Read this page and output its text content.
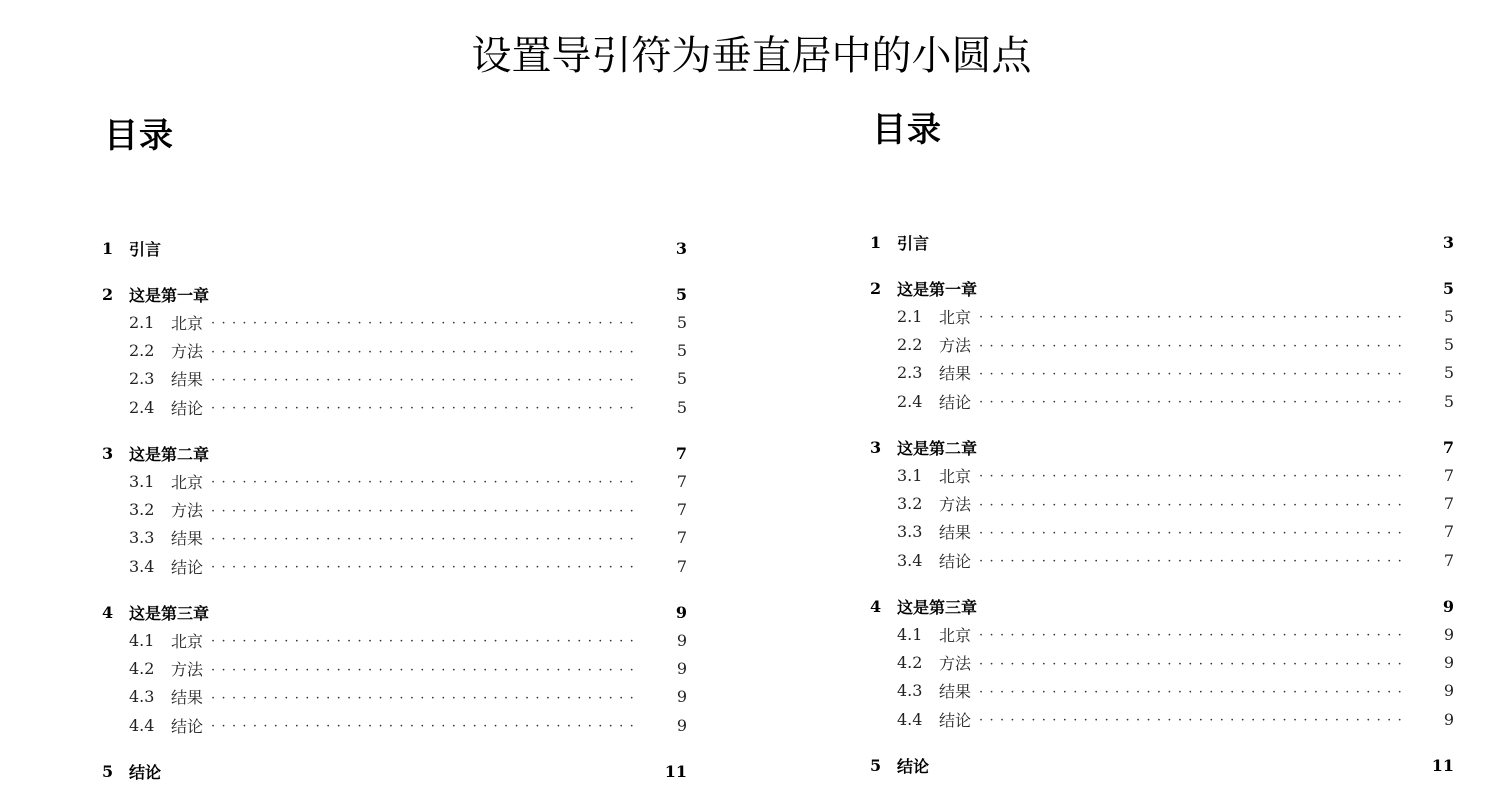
设置导引符为垂直居中的小圆点
目录
1 引言	3
2 这是第一章	5
2.1	北京 · · ·	5
2.2	方法 · · ·	5
2.3	结果 · · ·	5
2.4	结论 · · ·	5
3 这是第二章	7
3.1	北京 · · ·	7
3.2	方法 · · ·	7
3.3	结果 · · ·	7
3.4	结论 · · ·	7
4 这是第三章	9
4.1	北京 · · ·	9
4.2	方法 · · ·	9
4.3	结果 · · ·	9
4.4	结论 · · ·	9
5 结论	11
目录
1 引言	3
2 这是第一章	5
2.1	北京 · · ·	5
2.2	方法 · · ·	5
2.3	结果 · · ·	5
2.4	结论 · · ·	5
3 这是第二章	7
3.1	北京 · · ·	7
3.2	方法 · · ·	7
3.3	结果 · · ·	7
3.4	结论 · · ·	7
4 这是第三章	9
4.1	北京 · · ·	9
4.2	方法 · · ·	9
4.3	结果 · · ·	9
4.4	结论 · · ·	9
5 结论	11
